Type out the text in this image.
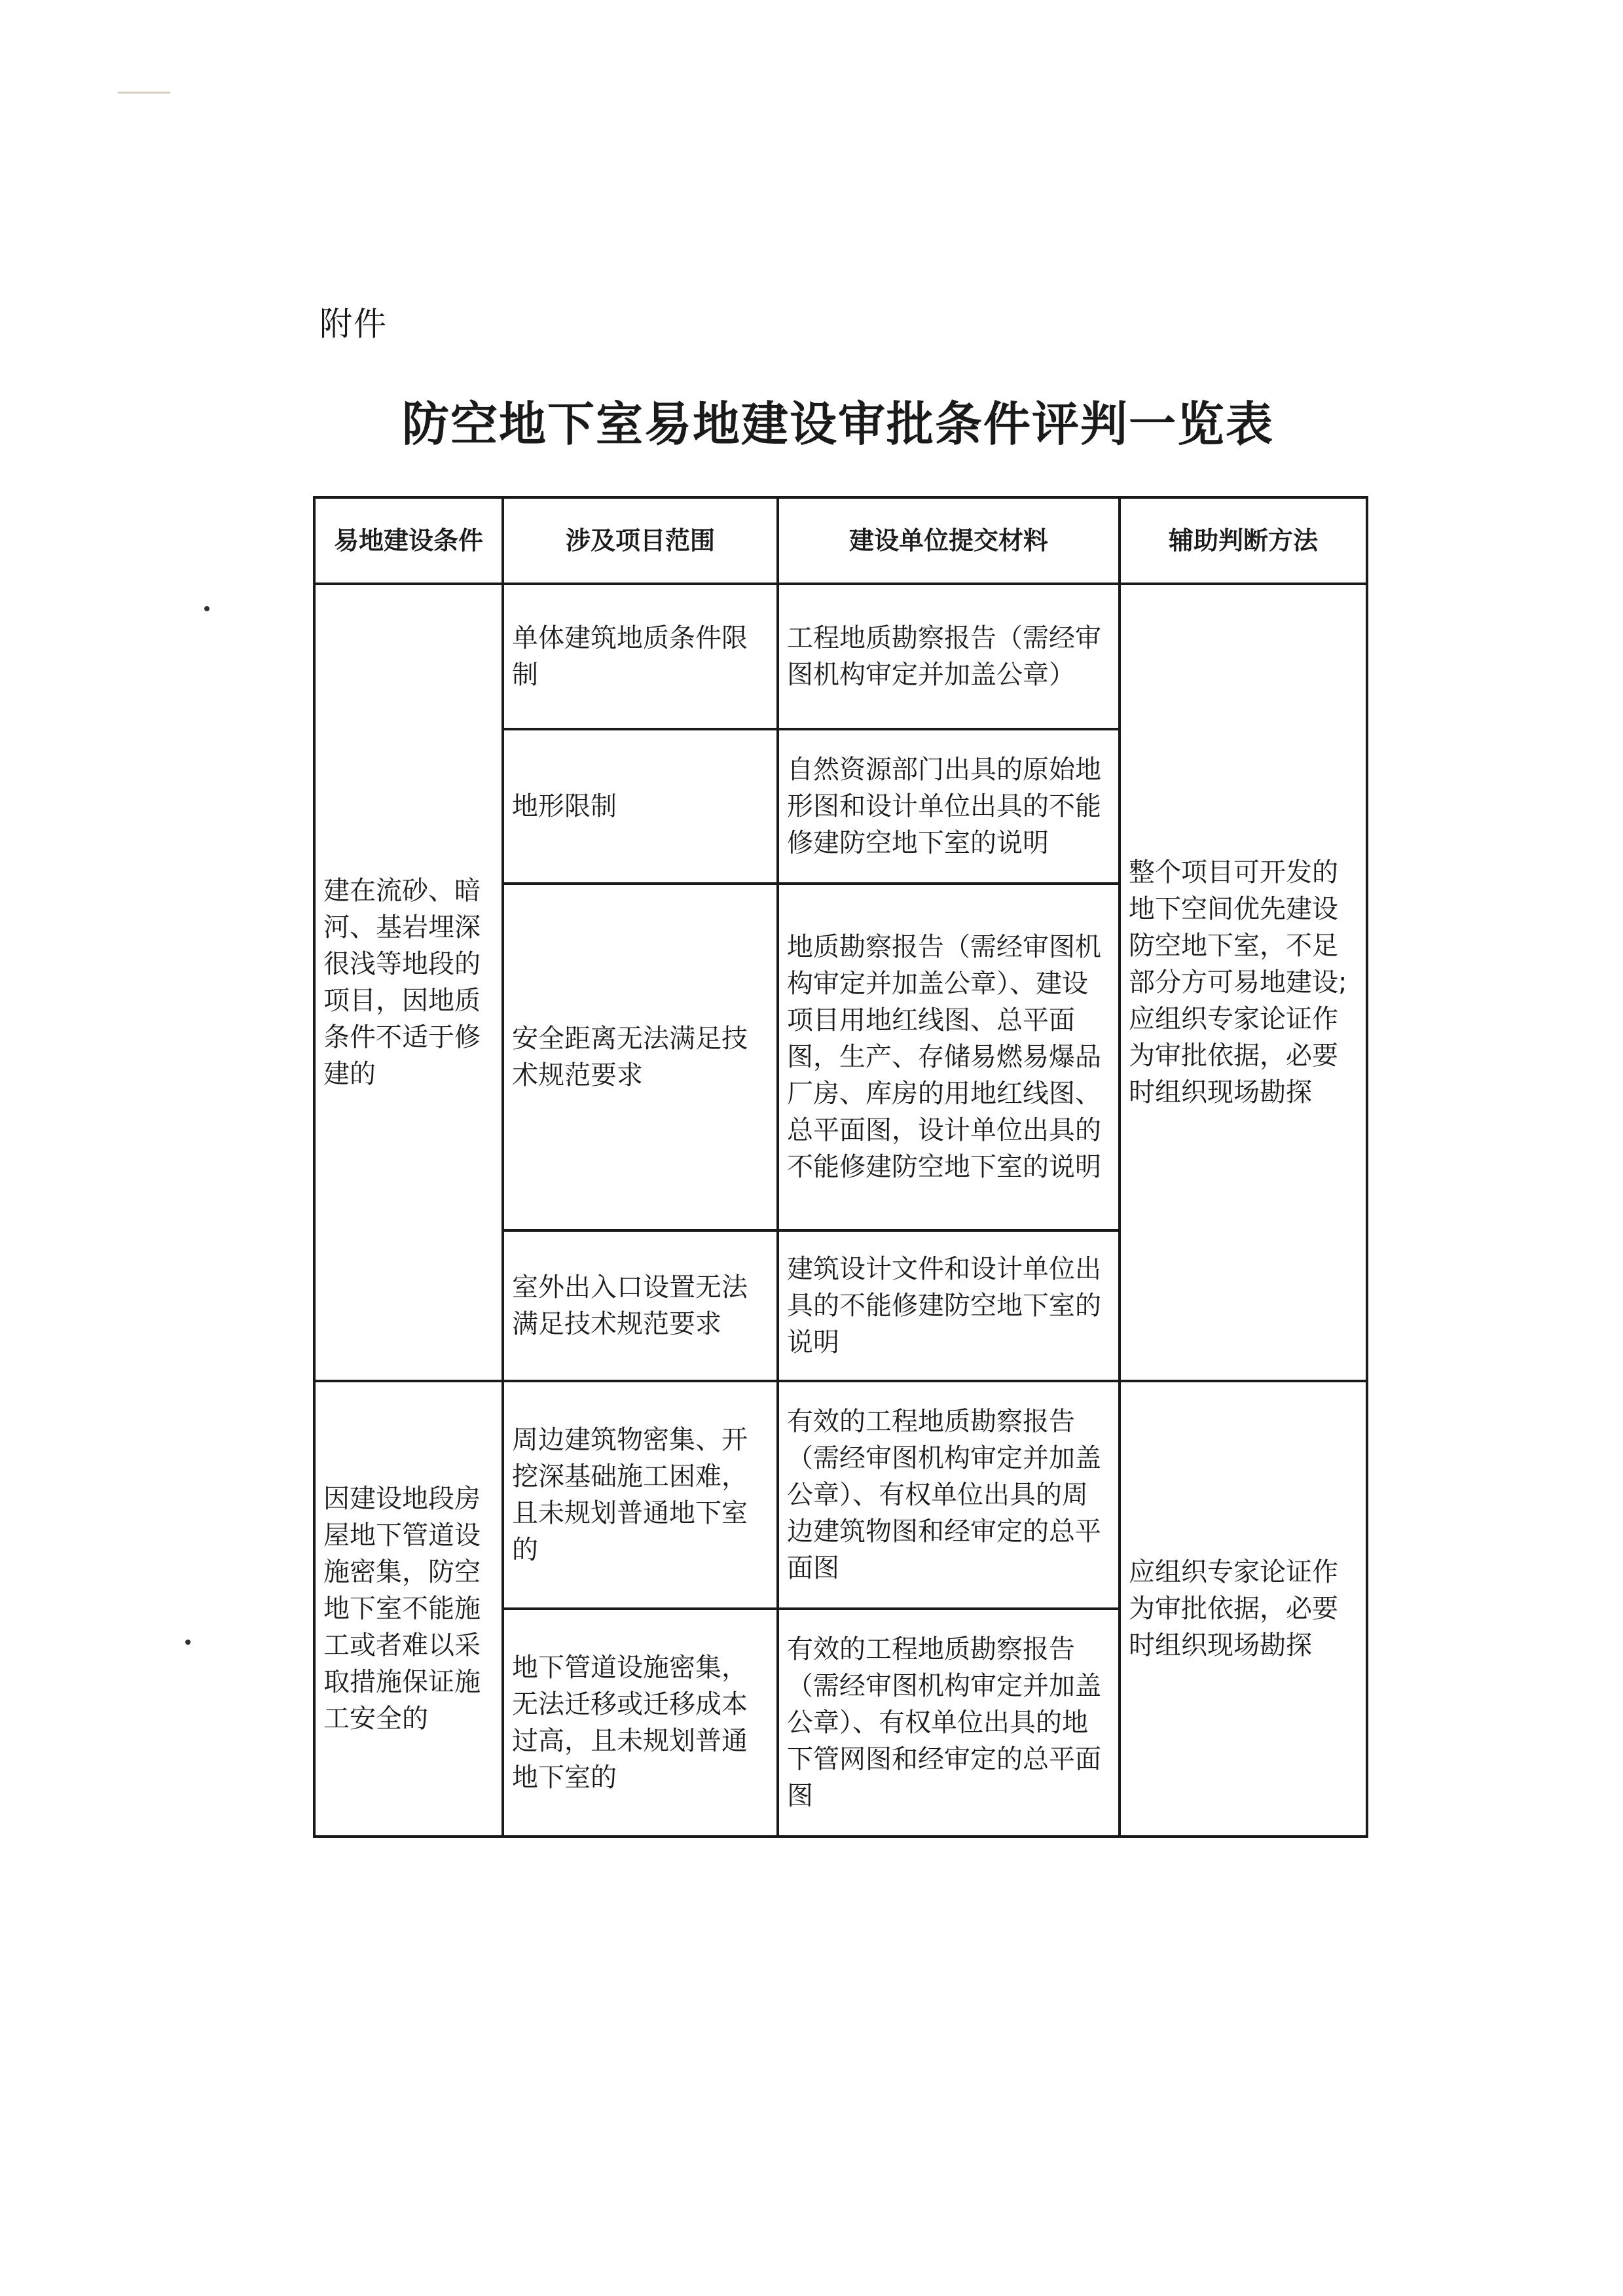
附件
防空地下室易地建设审批条件评判一览表
易地建设条件	涉及项目范围	建设单位提交材料	辅助判断方法
建在流砂、暗河、基岩埋深很浅等地段的项目，因地质条件不适于修建的	单体建筑地质条件限制	工程地质勘察报告（需经审图机构审定并加盖公章）	整个项目可开发的地下空间优先建设防空地下室，不足部分方可易地建设;应组织专家论证作为审批依据，必要时组织现场勘探
	地形限制	自然资源部门出具的原始地形图和设计单位出具的不能修建防空地下室的说明	
	安全距离无法满足技术规范要求	地质勘察报告（需经审图机构审定并加盖公章）、建设项目用地红线图、总平面图，生产、存储易燃易爆品厂房、库房的用地红线图、总平面图，设计单位出具的不能修建防空地下室的说明	
	室外出入口设置无法满足技术规范要求	建筑设计文件和设计单位出具的不能修建防空地下室的说明	
因建设地段房屋地下管道设施密集，防空地下室不能施工或者难以采取措施保证施工安全的	周边建筑物密集、开挖深基础施工困难，且未规划普通地下室的	有效的工程地质勘察报告（需经审图机构审定并加盖公章）、有权单位出具的周边建筑物图和经审定的总平面图	应组织专家论证作为审批依据，必要时组织现场勘探
	地下管道设施密集，无法迁移或迁移成本过高，且未规划普通地下室的	有效的工程地质勘察报告（需经审图机构审定并加盖公章）、有权单位出具的地下管网图和经审定的总平面图	
